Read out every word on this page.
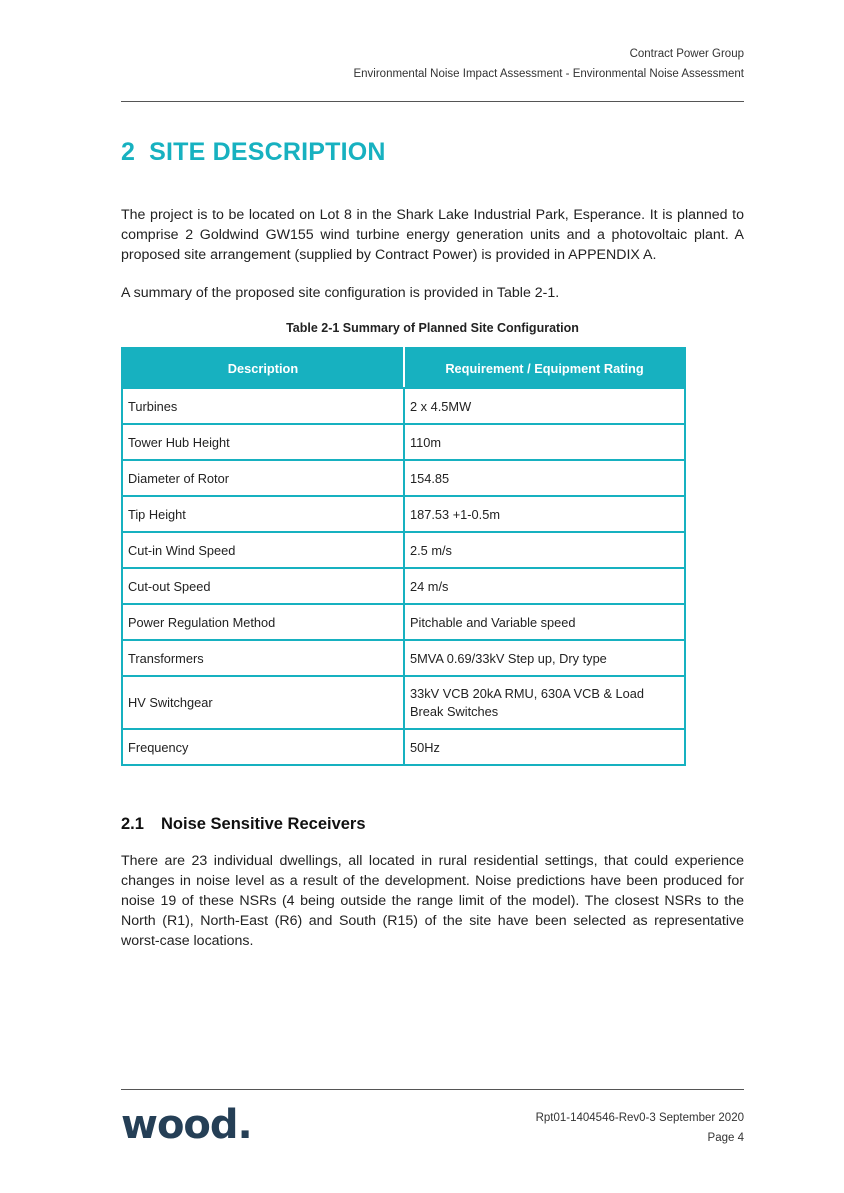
Contract Power Group
Environmental Noise Impact Assessment - Environmental Noise Assessment
2 SITE DESCRIPTION
The project is to be located on Lot 8 in the Shark Lake Industrial Park, Esperance. It is planned to comprise 2 Goldwind GW155 wind turbine energy generation units and a photovoltaic plant. A proposed site arrangement (supplied by Contract Power) is provided in APPENDIX A.
A summary of the proposed site configuration is provided in Table 2-1.
Table 2-1 Summary of Planned Site Configuration
Description	Requirement / Equipment Rating
Turbines	2 x 4.5MW
Tower Hub Height	110m
Diameter of Rotor	154.85
Tip Height	187.53 +1-0.5m
Cut-in Wind Speed	2.5 m/s
Cut-out Speed	24 m/s
Power Regulation Method	Pitchable and Variable speed
Transformers	5MVA 0.69/33kV Step up, Dry type
HV Switchgear	33kV VCB 20kA RMU, 630A VCB & Load Break Switches
Frequency	50Hz
2.1 Noise Sensitive Receivers
There are 23 individual dwellings, all located in rural residential settings, that could experience changes in noise level as a result of the development. Noise predictions have been produced for noise 19 of these NSRs (4 being outside the range limit of the model). The closest NSRs to the North (R1), North-East (R6) and South (R15) of the site have been selected as representative worst-case locations.
wood.	Rpt01-1404546-Rev0-3 September 2020
Page 4
